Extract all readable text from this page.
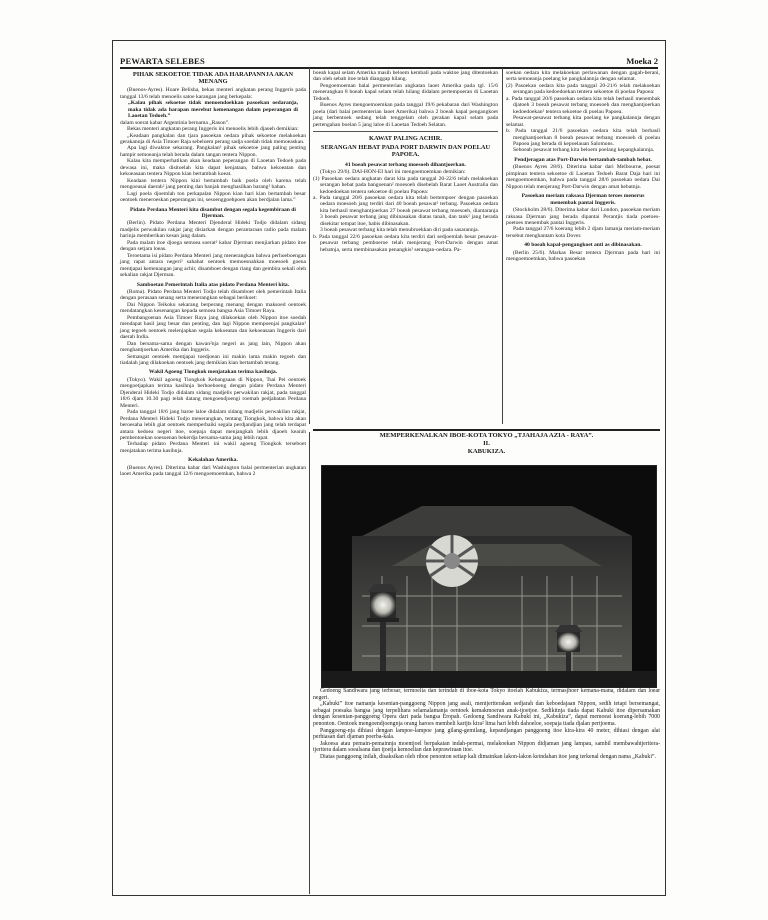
PEWARTA SELEBES	Moeka 2
PIHAK SEKOETOE TIDAK ADA HARAPANNJA AKAN MENANG

(Buenos-Ayres). Hoare Belisha, bekas menteri angkatan perang Inggeris pada tanggal 13/6 telah menoelis satoe karangan jang berkepala:

„Kalau pihak sekoetoe tidak menoendoekkan pasoekan oedaranja, maka tidak ada harapan merebut kemenangan dalam peperangan di Laoetan Tedoeh.”

dalam soerat kabar Argentinia bernama „Rason”.

Bekas menteri angkatan perang Inggeris ini menoelis lebih djaoeh demikian:

„Keadaan pangkalan dan tjara pasoekan oedara pihak sekoetoe melakoekan gerakannja di Asia Timoer Raja sebeloem perang sadja soedah tidak memoeaskan.

Apa lagi diwaktoe sekarang. Pangkalan² pihak sekoetoe jang paling penting hampir semoeanja telah berada dalam tangan tentera Nippon.

Kalau kita memperhatikan akan keadaan peperangan di Laoetan Tedoeh pada dewasa ini, maka disitoelah kita dapat kenjataan, bahwa kekoeatan dan kekoeasaan tentera Nippon kian bertambah koeat.

Keadaan tentera Nippon kini bertambah baik poela oleh karena telah mengoeasai daerah² jang penting dan banjak menghasilkan barang² bahan.

Lagi poela djoemlah ton perkapalan Nippon kian hari kian bertambah besar oentoek meneroeskan peperangan ini, sesoenggoehpoen akan berdjalan lama.”

Pidato Perdana Menteri kita disambut dengan segala kegembiraan di Djerman.

(Berlin). Pidato Perdana Menteri Djenderal Hideki Todjo didalam sidang madjelis perwakilan rakjat jang disiarkan dengan perantaraan radio pada malam harinja memberikan kesan jang dalam.

Pada malam itoe djoega semoea soerat² kabar Djerman menjiarkan pidato itoe dengan setjara loeas.

Teroetama isi pidato Perdana Menteri jang menerangkan bahwa perhoeboengan jang rapat antara negeri² sahabat oentoek memoesnahkan moesoeh goena mentjapai kemenangan jang achir, disamboet dengan riang dan gembira sekali oleh sekalian rakjat Djerman.

Samboetan Pemerintah Italia atas pidato Perdana Menteri kita.

(Roma). Pidato Perdana Menteri Todjo telah disamboet oleh pemerintah Italia dengan perasaan senang serta menerangkan sebagai berikoet:

Dai Nippon Teikoku sekarang berperang menang dengan maksoed oentoek mendatangkan kesenangan kepada semoea bangsa Asia Timoer Raya.

Pembangoenan Asia Timoer Raya jang dilakoekan oleh Nippon itoe soedah mendapat hasil jang besar dan penting, dan lagi Nippon mempoenjai pangkalan² jang tegoeh oentoek melenjapkan segala kekoeatan dan kekoeasaan Inggeris dari daerah India.

Dan bersama-sama dengan kawan²nja negeri as jang lain, Nippon akan menghantjoerkan Amerika dan Inggeris.

Semangat oentoek mentjapai toedjoean ini makin lama makin tegoeh dan tiadalah jang dilakoekan oentoek jang demikian kian bertambah terang.

Wakil Agoeng Tiongkok menjatakan terima kasihnja.

(Tokyo). Wakil agoeng Tiongkok Kebangsaan di Nippon, Tsai Pei oentoek mengoetjapkan terima kasihnja berhoeboeng dengan pidato Perdana Menteri Djenderal Hideki Todjo didalam sidang madjelis perwakilan rakjat, pada tanggal 18/6 djam 10.30 pagi telah datang mengoendjoengi roemah pedjabatan Perdana Menteri.

Pada tanggal 18/6 jang baroe laloe didalam sidang madjelis perwakilan rakjat, Perdana Menteri Hideki Todjo menerangkan, tentang Tiongkok, bahwa kita akan beroesaha lebih giat oentoek memperbaiki segala perdjandjian jang telah terdapat antara kedoea negeri itoe, soepaja dapat menjangkah lebih djaoeh kearah pembentoekan soesoenan bekerdja bersama-sama jang lebih rapat.

Terhadap pidato Perdana Menteri ini wakil agoeng Tiongkok terseboet menjatakan terima kasihnja.

Kekalahan Amerika.

(Buenos Ayres). Diterima kabar dari Washington balai permenterian angkatan laoet Amerika pada tanggal 12/6 mengoemoemkan, bahwa 2

boeah kapal selam Amerika masih beloem kembali pada waktoe jang ditentoekan dan oleh sebab itoe telah dianggap hilang.

Pengoemoeman balai permenterian angkatan laoet Amerika pada tgl. 15/6 menerangkan 8 boeah kapal selam telah hilang didalam pertempoeran di Laoetan Tedoeh.

Buenos Ayres mengoemoemkan pada tanggal 19/6 pekabaran dari Washington poela (dari balai permenterian laoet Amerika) bahwa 2 boeah kapal pengangkoet jang berbentoek sedang telah tenggelam oleh gerakan kapal selam pada pertengahan boelan 5 jang laloe di Laoetan Tedoeh Selatan.

KAWAT PALING ACHIR.
SERANGAN HEBAT PADA PORT DARWIN DAN POELAU PAPOEA.
41 boeah pesawat terbang moesoeh dihantjoerkan.

(Tokyo 29/6). DAI-HON-EI hari ini mengoemoemkan demikian:

(1) Pasoekan oedara angkatan darat kita pada tanggal 20-22/6 telah melakoekan serangan hebat pada bangoenan² moesoeh disebelah Barat Laoet Australia dan kedoedoekan tentera sekoetoe di poelau Papoea:

a. Pada tanggal 20/6 pasoekan oedara kita telah bertempoer dengan pasoekan oedara moesoeh jang terdiri dari 40 boeah pesawat² terbang. Pasoekan oedara kita berhasil menghantjoerkan 27 boeah pesawat terbang moesoeh, diantaranja 3 boeah pesawat terbang jang dibinasakan diatas tanah, dan tank² jang berada disekitar tempat itoe, habis dibinasakan.

3 boeah pesawat terbang kita telah menubroekkan diri pada sasarannja.

b. Pada tanggal 22/6 pasoekan oedara kita terdiri dari sedjoemlah besar pesawat-pesawat terbang pemboeroe telah menjerang Port-Darwin dengan amat hebatnja, serta membinasakan penangkis² serangan-oedara. Pa-

soekan oedara kita melakoekan perlawanan dengan gagah-berani, serta semoeanja poelang ke pangkalannja dengan selamat.

(2) Pasoekan oedara kita pada tanggal 20-21/6 telah melakoekan serangan pada kedoedoekan tentera sekoetoe di poelau Papoea:

a. Pada tanggal 20/6 pasoekan oedara kita telah berhasil menembak djatoeh 3 boeah pesawat terbang moesoeh dan menghantjoerkan kedoedoekan² tentera sekoetoe di poelau Papoea.

Pesawat-pesawat terbang kita poelang ke pangkalannja dengan selamat.

b. Pada tanggal 21/6 pasoekan oedara kita telah berhasil menghantjoerkan 8 boeah pesawat terbang moesoeh di poelau Papoea jang berada di kepoelauan Salomons.

Seboeah pesawat terbang kita beloem poelang kepangkalannja.

Pendjeragan atas Port-Darwin bertambah-tambah hebat.

(Buenos Ayres 28/6). Diterima kabar dari Melbourne, poesat pimpinan tentera sekoetoe di Laoetan Tedoeh Barat Daja hari ini mengoemoemkan, bahwa pada tanggal 28/6 pasoekan oedara Dai Nippon telah menjerang Port-Darwin dengan amat hebatnja.

Pasoekan meriam raksasa Djerman teroes menerus menembak pantai Inggeris.

(Stockholm 28/6). Diterima kabar dari London, pasoekan meriam raksasa Djerman jang berada dipantai Perantjis tiada poetoes-poetoes menembak pantai Inggeris.

Pada tanggal 27/6 koerang lebih 2 djam lamanja meriam-meriam tersebut menghantam kota Dover.

40 boeah kapal-pengangkoet anti as dibinasakan.

(Berlin 25/6). Markas Besar tentera Djerman pada hari ini mengoemoemkan, bahwa pasoekan

MEMPERKENALKAN IBOE-KOTA TOKYO „TJAHAJA AZIA - RAYA”.
II.
KABUKIZA.

Gedoeng Sandiwara jang terbesar, termoelia dan terindah di iboe-kota Tokyo itoelah Kabukiza, termasjhoer kemana-mana, didalam dan loear negeri.

„Kabuki” itoe namanja kesenian-panggoeng Nippon jang asali, mentjeriterakan sedjarah dan keboedajaan Nippon, sedih tetapi bersemangat, sebagai poesaka bangsa jang terpelihara selamalamanja oentoek kemakmoeran anak-tjoetjoe. Sedikitnja tiada dapat Kabuki itoe dipersamakan dengan kesenian-panggoeng Opera dari pada bangsa Eropah. Gedoeng Sandiwara Kabuki ini, „Kabukiza”, dapat memoeat koerang-lebih 7000 penonton. Oentoek mengoendjoengnja orang haroes membeli kartjis kira² lima hari lebih dahoeloe, soepaja tiada djalan pertjoema.

Panggoeng-nja dihiasi dengan lampoe-lampoe jang gilang-gemilang, kepandjangan panggoeng itoe kira-kira 40 meter, dihiasi dengan alat perhiasan dari djaman poerba-kala.

Jakoesa atau pemain-pemainnja moentjoel berpakaian indah-permai, melakoekan Nippon didjaman jang lampau, sambil membawahtjeritera-tjeritera dalam soealsana dan tjoetja kemoelian dan keprawiraan itoe.

Diatas panggoeng inilah, disaksikan oleh riboe penonton setiap kali dimainkan lakon-lakon keindahan itoe jang terkenal dengan nama „Kabuki”.
